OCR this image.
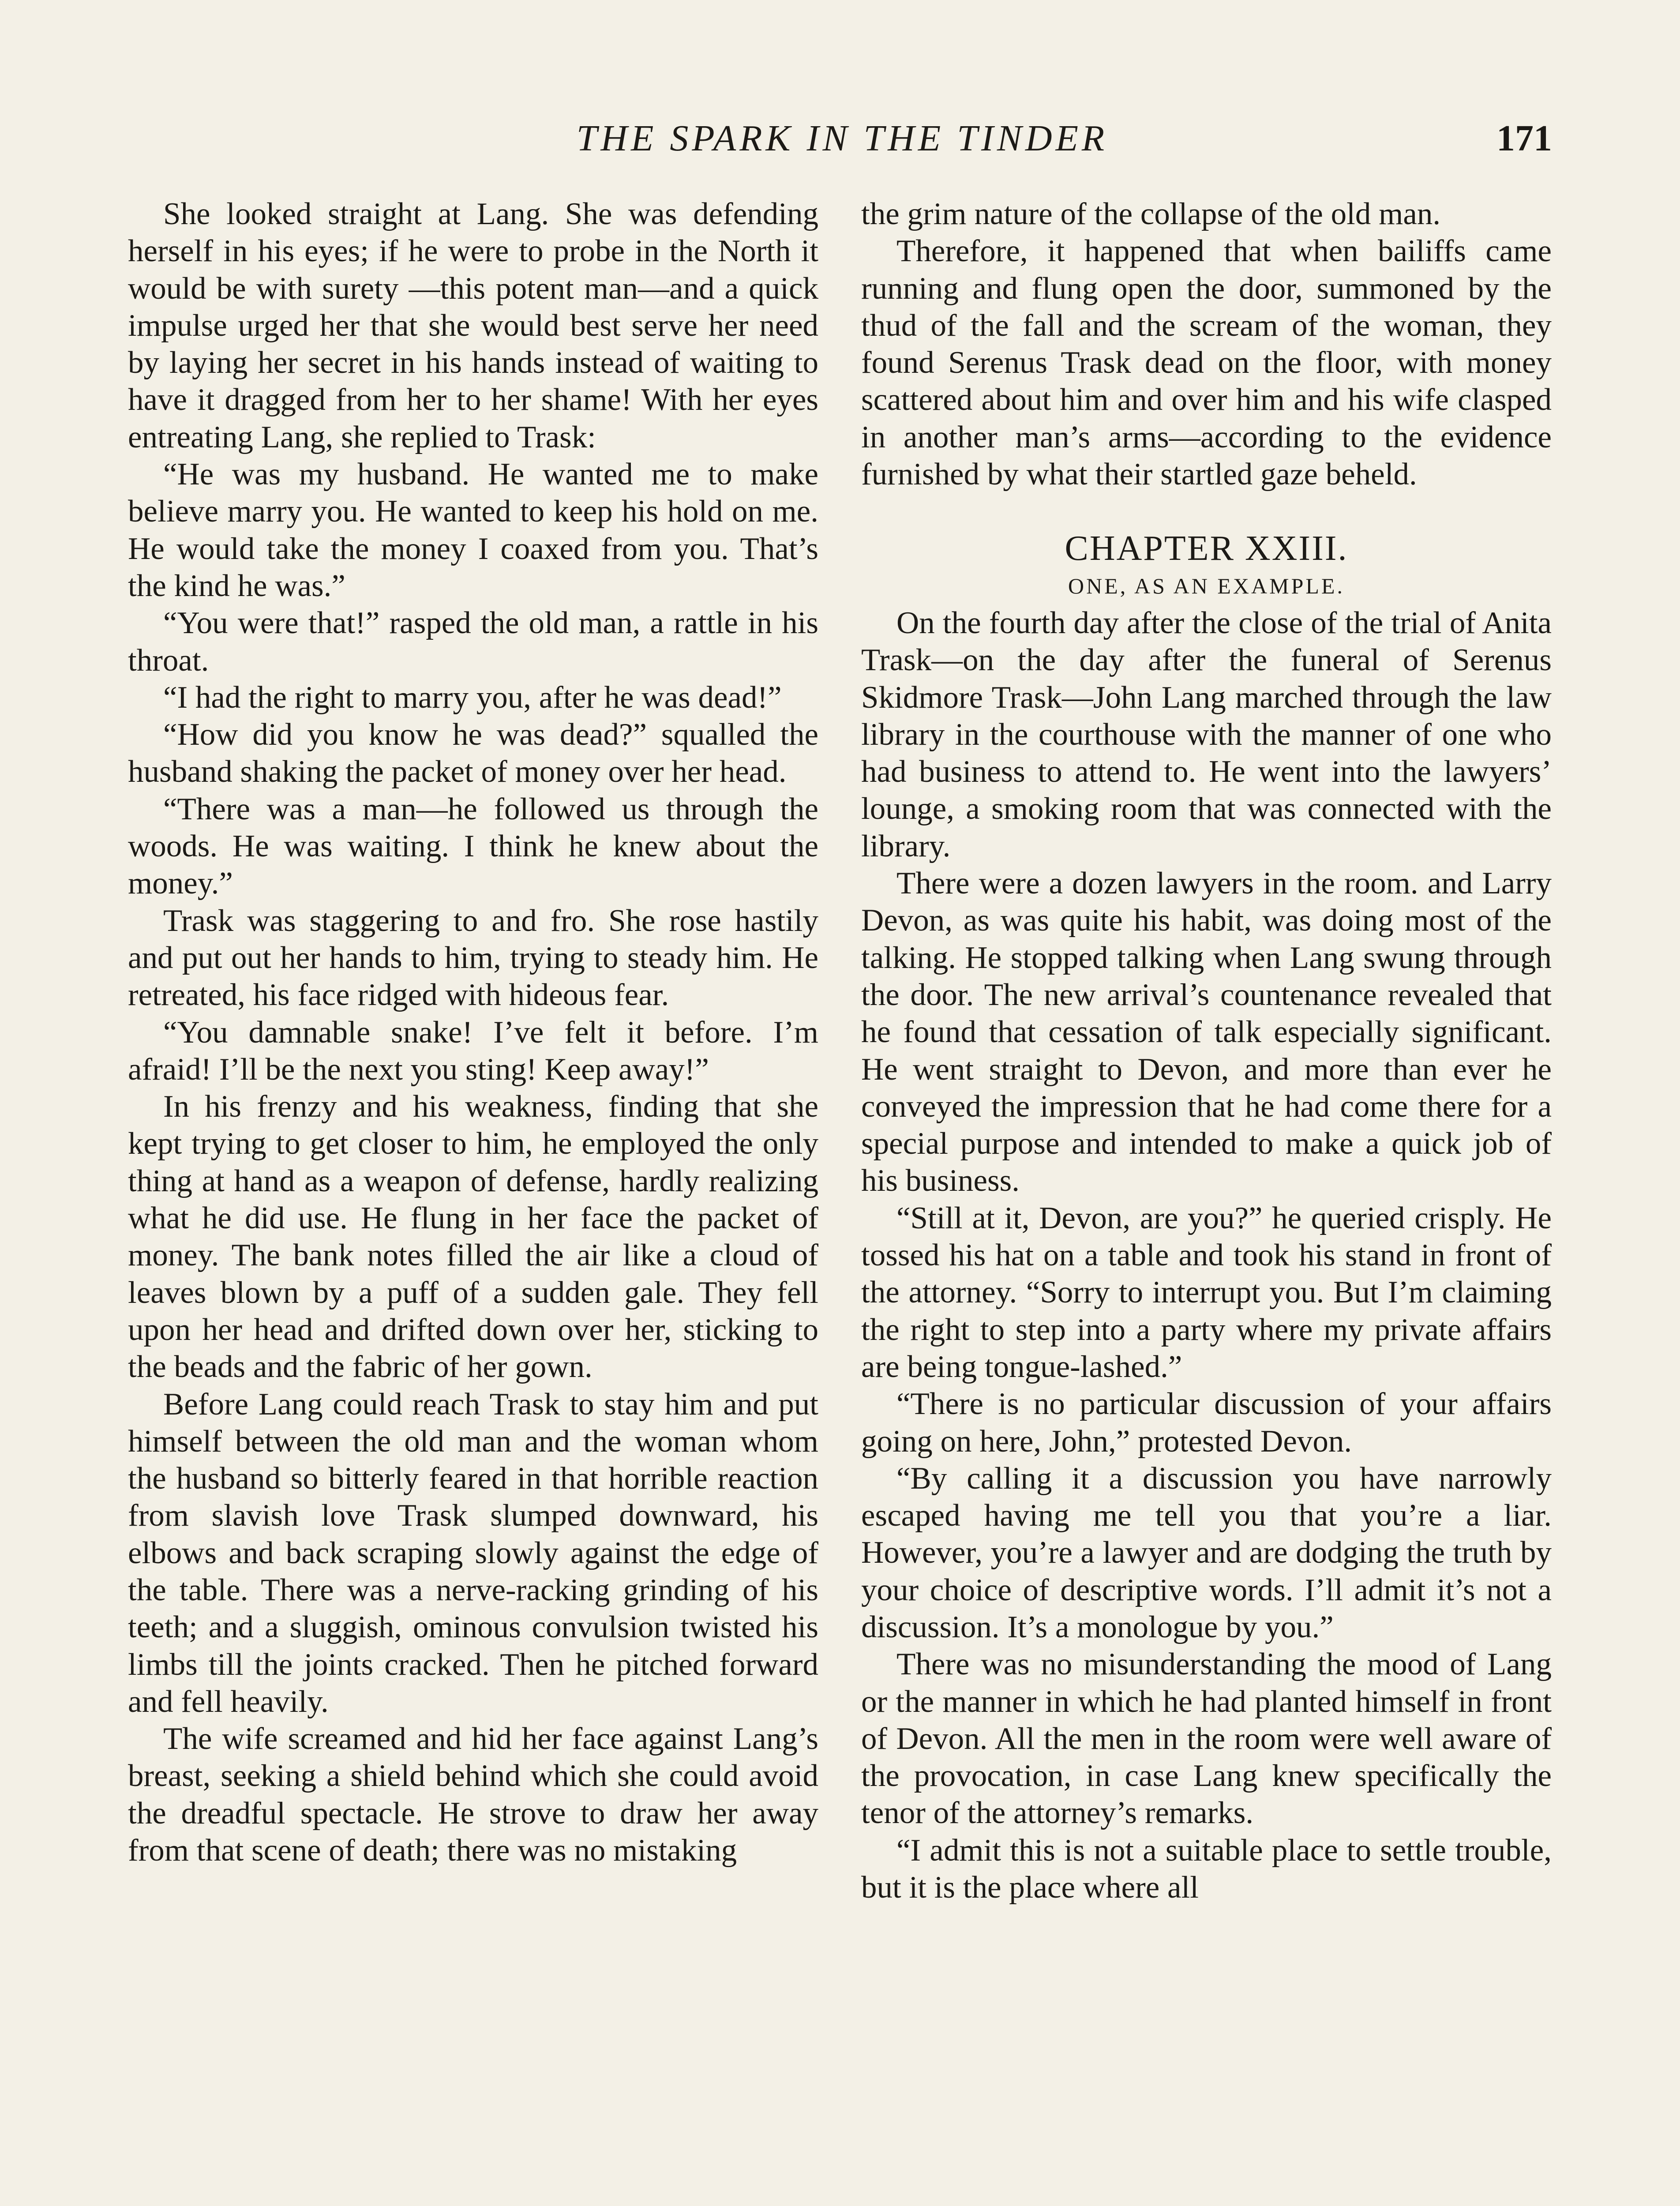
THE SPARK IN THE TINDER	171

She looked straight at Lang. She was defending herself in his eyes; if he were to probe in the North it would be with surety —this potent man—and a quick impulse urged her that she would best serve her need by laying her secret in his hands instead of waiting to have it dragged from her to her shame! With her eyes entreating Lang, she replied to Trask:

“He was my husband. He wanted me to make believe marry you. He wanted to keep his hold on me. He would take the money I coaxed from you. That’s the kind he was.”

“You were that!” rasped the old man, a rattle in his throat.

“I had the right to marry you, after he was dead!”

“How did you know he was dead?” squalled the husband shaking the packet of money over her head.

“There was a man—he followed us through the woods. He was waiting. I think he knew about the money.”

Trask was staggering to and fro. She rose hastily and put out her hands to him, trying to steady him. He retreated, his face ridged with hideous fear.

“You damnable snake! I’ve felt it before. I’m afraid! I’ll be the next you sting! Keep away!”

In his frenzy and his weakness, finding that she kept trying to get closer to him, he employed the only thing at hand as a weapon of defense, hardly realizing what he did use. He flung in her face the packet of money. The bank notes filled the air like a cloud of leaves blown by a puff of a sudden gale. They fell upon her head and drifted down over her, sticking to the beads and the fabric of her gown.

Before Lang could reach Trask to stay him and put himself between the old man and the woman whom the husband so bitterly feared in that horrible reaction from slavish love Trask slumped downward, his elbows and back scraping slowly against the edge of the table. There was a nerve-racking grinding of his teeth; and a sluggish, ominous convulsion twisted his limbs till the joints cracked. Then he pitched forward and fell heavily.

The wife screamed and hid her face against Lang’s breast, seeking a shield behind which she could avoid the dreadful spectacle. He strove to draw her away from that scene of death; there was no mistaking

the grim nature of the collapse of the old man.

Therefore, it happened that when bailiffs came running and flung open the door, summoned by the thud of the fall and the scream of the woman, they found Serenus Trask dead on the floor, with money scattered about him and over him and his wife clasped in another man’s arms—according to the evidence furnished by what their startled gaze beheld.

CHAPTER XXIII.
ONE, AS AN EXAMPLE.

On the fourth day after the close of the trial of Anita Trask—on the day after the funeral of Serenus Skidmore Trask—John Lang marched through the law library in the courthouse with the manner of one who had business to attend to. He went into the lawyers’ lounge, a smoking room that was connected with the library.

There were a dozen lawyers in the room. and Larry Devon, as was quite his habit, was doing most of the talking. He stopped talking when Lang swung through the door. The new arrival’s countenance revealed that he found that cessation of talk especially significant. He went straight to Devon, and more than ever he conveyed the impression that he had come there for a special purpose and intended to make a quick job of his business.

“Still at it, Devon, are you?” he queried crisply. He tossed his hat on a table and took his stand in front of the attorney. “Sorry to interrupt you. But I’m claiming the right to step into a party where my private affairs are being tongue-lashed.”

“There is no particular discussion of your affairs going on here, John,” protested Devon.

“By calling it a discussion you have narrowly escaped having me tell you that you’re a liar. However, you’re a lawyer and are dodging the truth by your choice of descriptive words. I’ll admit it’s not a discussion. It’s a monologue by you.”

There was no misunderstanding the mood of Lang or the manner in which he had planted himself in front of Devon. All the men in the room were well aware of the provocation, in case Lang knew specifically the tenor of the attorney’s remarks.

“I admit this is not a suitable place to settle trouble, but it is the place where all
